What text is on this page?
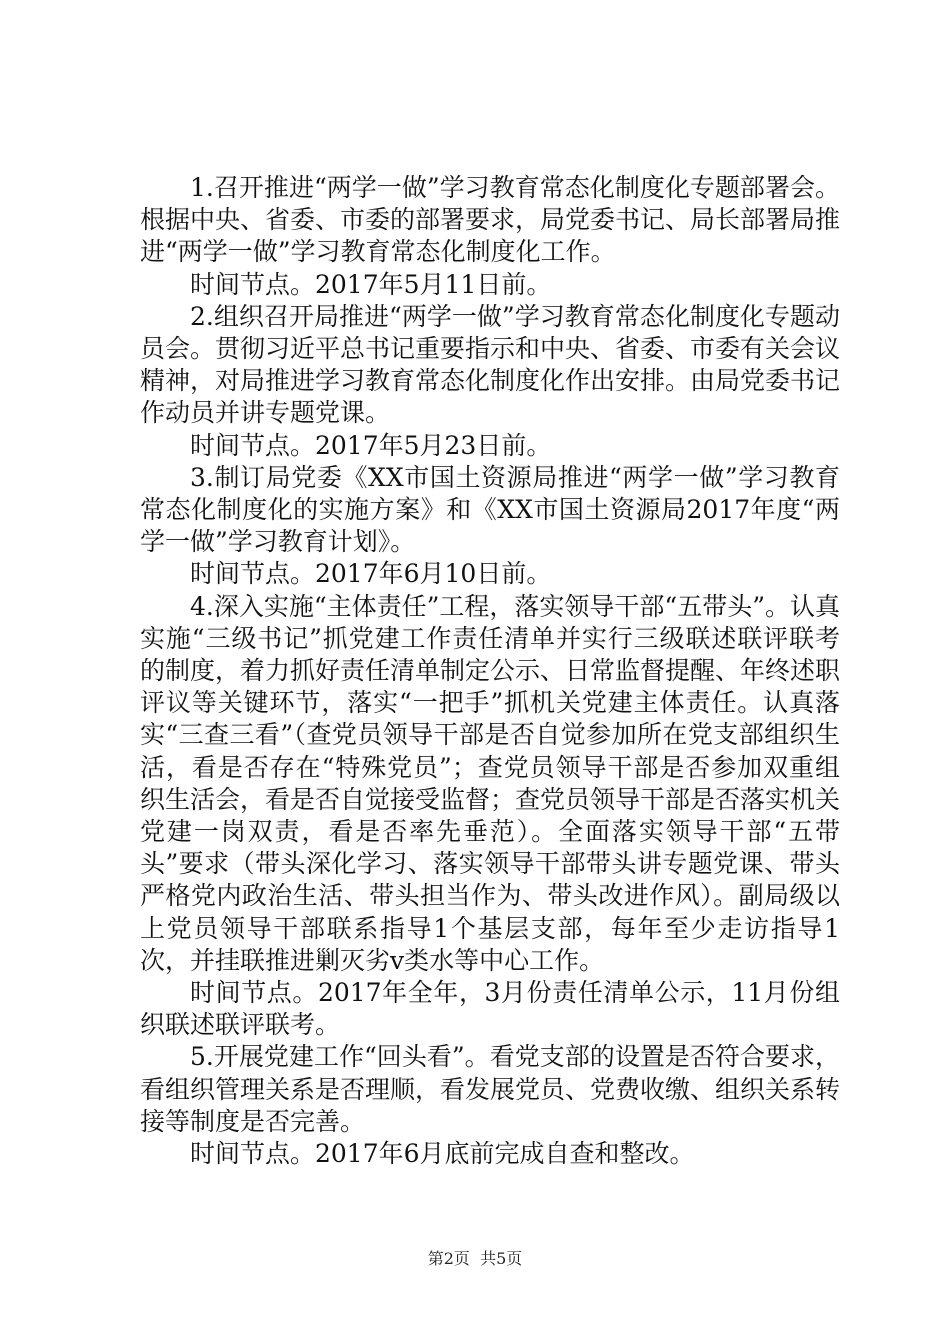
1.召开推进“两学一做”学习教育常态化制度化专题部署会。根据中央、省委、市委的部署要求，局党委书记、局长部署局推进“两学一做”学习教育常态化制度化工作。

时间节点。2017年5月11日前。

2.组织召开局推进“两学一做”学习教育常态化制度化专题动员会。贯彻习近平总书记重要指示和中央、省委、市委有关会议精神，对局推进学习教育常态化制度化作出安排。由局党委书记作动员并讲专题党课。

时间节点。2017年5月23日前。

3.制订局党委《XX市国土资源局推进“两学一做”学习教育常态化制度化的实施方案》和《XX市国土资源局2017年度“两学一做”学习教育计划》。

时间节点。2017年6月10日前。

4.深入实施“主体责任”工程，落实领导干部“五带头”。认真实施“三级书记”抓党建工作责任清单并实行三级联述联评联考的制度，着力抓好责任清单制定公示、日常监督提醒、年终述职评议等关键环节，落实“一把手”抓机关党建主体责任。认真落实“三查三看”（查党员领导干部是否自觉参加所在党支部组织生活，看是否存在“特殊党员”；查党员领导干部是否参加双重组织生活会，看是否自觉接受监督；查党员领导干部是否落实机关党建一岗双责，看是否率先垂范）。全面落实领导干部“五带头”要求（带头深化学习、落实领导干部带头讲专题党课、带头严格党内政治生活、带头担当作为、带头改进作风）。副局级以上党员领导干部联系指导1个基层支部，每年至少走访指导1次，并挂联推进剿灭劣v类水等中心工作。

时间节点。2017年全年，3月份责任清单公示，11月份组织联述联评联考。

5.开展党建工作“回头看”。看党支部的设置是否符合要求，看组织管理关系是否理顺，看发展党员、党费收缴、组织关系转接等制度是否完善。

时间节点。2017年6月底前完成自查和整改。

第2页  共5页
